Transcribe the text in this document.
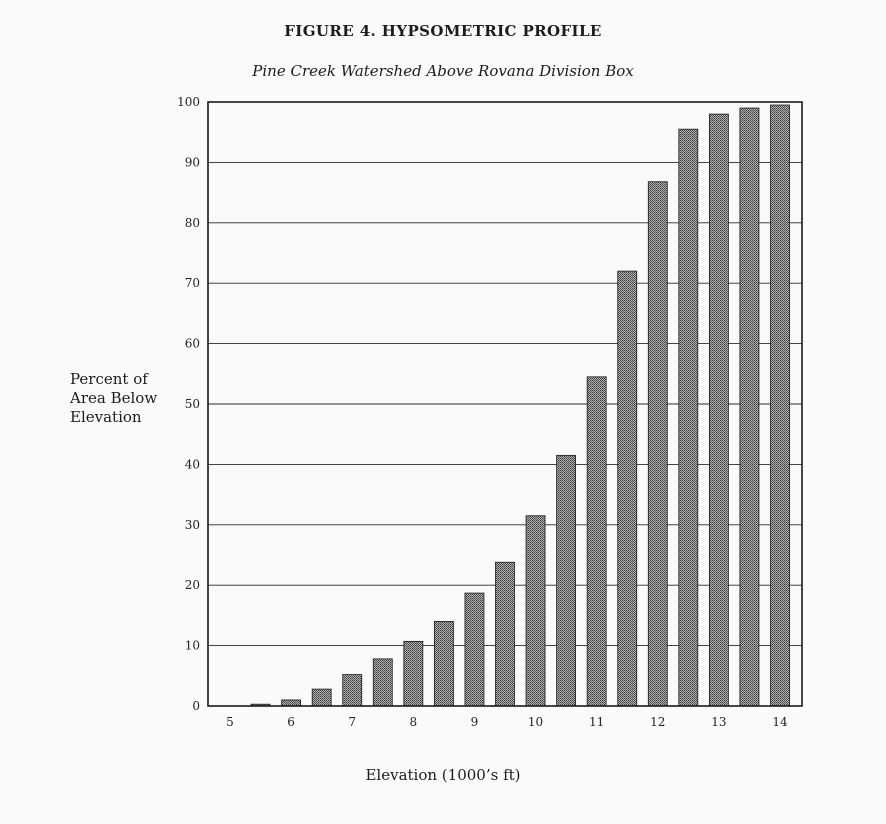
FIGURE 4. HYPSOMETRIC PROFILE
Pine Creek Watershed Above Rovana Division Box
Percent of
Area Below
Elevation
0
10
20
30
40
50
60
70
80
90
100
5	6	7	8	9	10	11	12	13	14
Elevation (1000’s ft)
